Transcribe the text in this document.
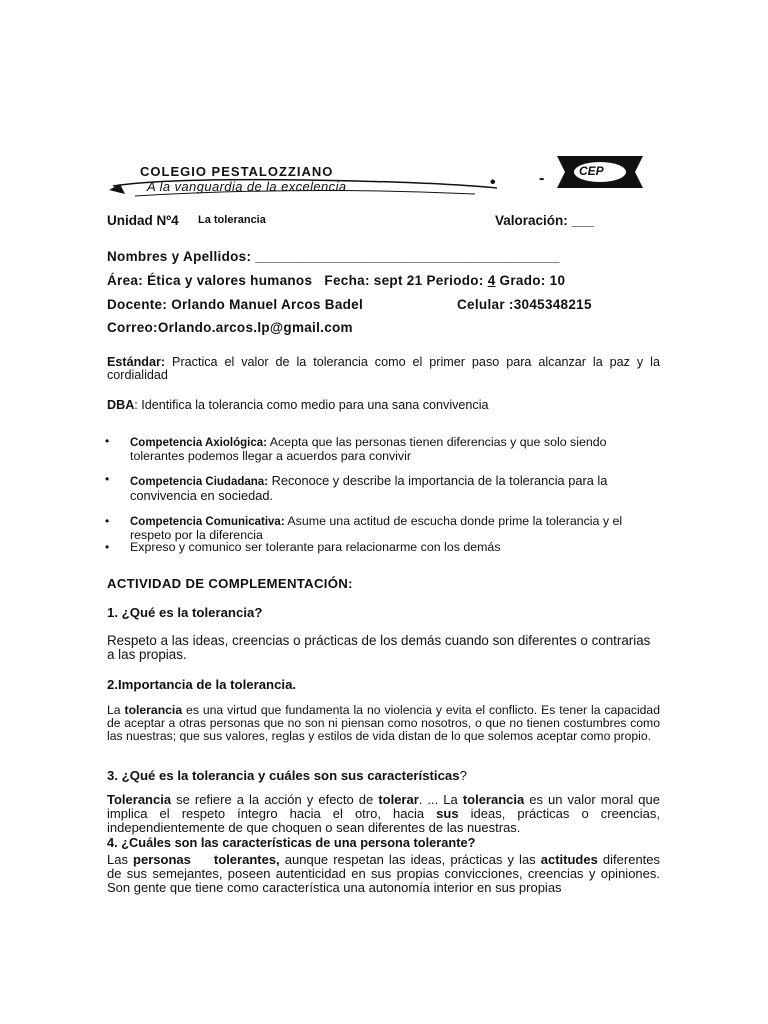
COLEGIO PESTALOZZIANO
A la vanguardia de la excelencia	•	-	CEP
Unidad Nº4 La tolerancia	Valoración: ___
Nombres y Apellidos: _______________________________________
Área: Ética y valores humanos   Fecha: sept 21 Periodo: 4 Grado: 10
Docente: Orlando Manuel Arcos Badel	Celular :3045348215
Correo:Orlando.arcos.lp@gmail.com
Estándar: Practica el valor de la tolerancia como el primer paso para alcanzar la paz y la cordialidad
DBA: Identifica la tolerancia como medio para una sana convivencia
• Competencia Axiológica: Acepta que las personas tienen diferencias y que solo siendo tolerantes podemos llegar a acuerdos para convivir
• Competencia Ciudadana: Reconoce y describe la importancia de la tolerancia para la convivencia en sociedad.
• Competencia Comunicativa: Asume una actitud de escucha donde prime la tolerancia y el respeto por la diferencia
• Expreso y comunico ser tolerante para relacionarme con los demás
ACTIVIDAD DE COMPLEMENTACIÓN:
1. ¿Qué es la tolerancia?
Respeto a las ideas, creencias o prácticas de los demás cuando son diferentes o contrarias a las propias.
2.Importancia de la tolerancia.
La tolerancia es una virtud que fundamenta la no violencia y evita el conflicto. Es tener la capacidad de aceptar a otras personas que no son ni piensan como nosotros, o que no tienen costumbres como las nuestras; que sus valores, reglas y estilos de vida distan de lo que solemos aceptar como propio.
3. ¿Qué es la tolerancia y cuáles son sus características?
Tolerancia se refiere a la acción y efecto de tolerar. ... La tolerancia es un valor moral que implica el respeto íntegro hacia el otro, hacia sus ideas, prácticas o creencias, independientemente de que choquen o sean diferentes de las nuestras.
4. ¿Cuáles son las características de una persona tolerante?
Las personas tolerantes, aunque respetan las ideas, prácticas y las actitudes diferentes de sus semejantes, poseen autenticidad en sus propias convicciones, creencias y opiniones. Son gente que tiene como característica una autonomía interior en sus propias
